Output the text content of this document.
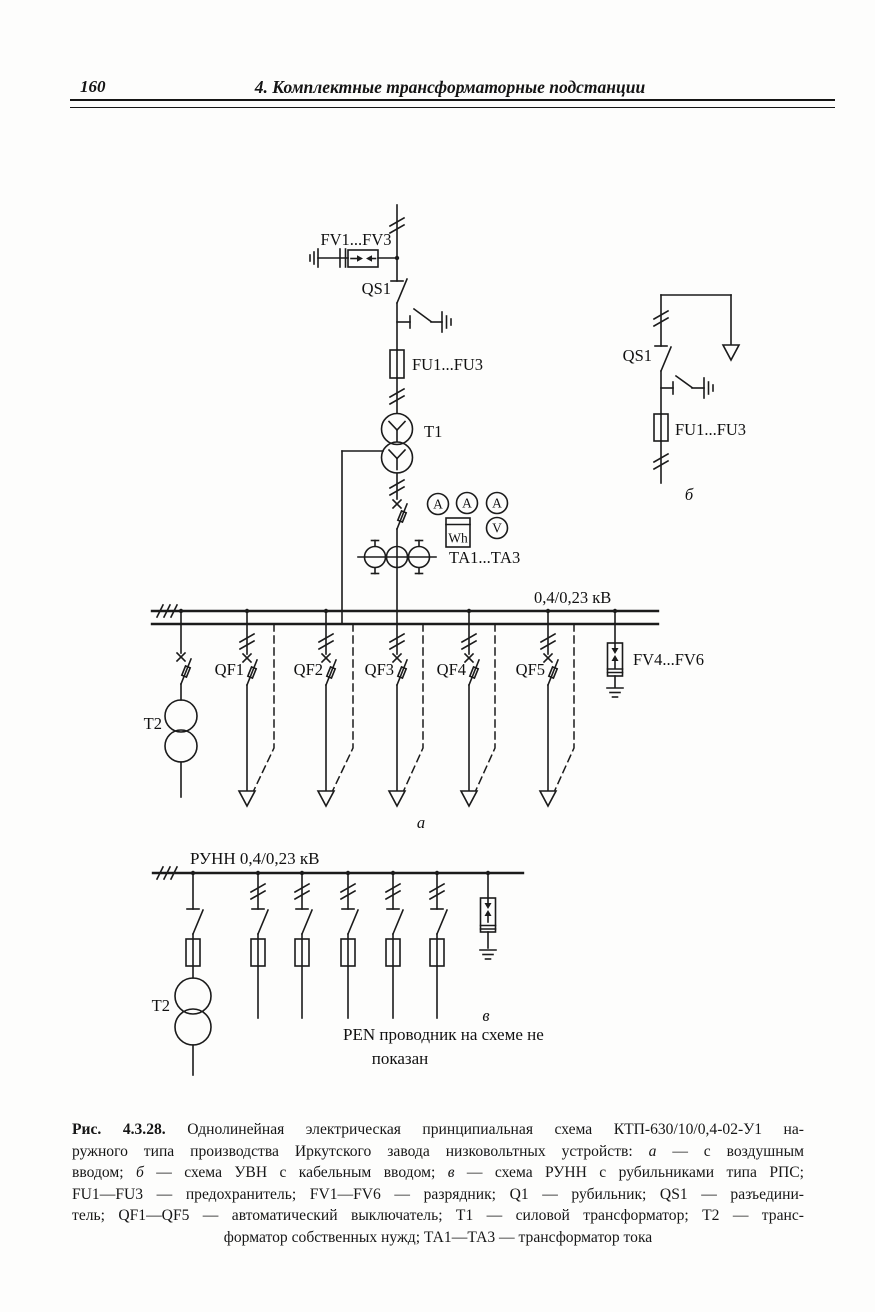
160	4. Комплектные трансформаторные подстанции
FV1...FV3
QS1
FU1...FU3
T1
ТА1...ТА3
A A A
V
Wh
0,4/0,23 кВ
T2
QF1	QF2	QF3	QF4	QF5
FV4...FV6
а
QS1
FU1...FU3
б
РУНН 0,4/0,23 кВ
T2
в
PEN проводник на схеме не
показан
Рис. 4.3.28. Однолинейная электрическая принципиальная схема КТП-630/10/0,4-02-У1 на-
ружного типа производства Иркутского завода низковольтных устройств: а — с воздушным
вводом; б — схема УВН с кабельным вводом; в — схема РУНН с рубильниками типа РПС;
FU1—FU3 — предохранитель; FV1—FV6 — разрядник; Q1 — рубильник; QS1 — разъедини-
тель; QF1—QF5 — автоматический выключатель; Т1 — силовой трансформатор; Т2 — транс-
форматор собственных нужд; ТА1—ТА3 — трансформатор тока
